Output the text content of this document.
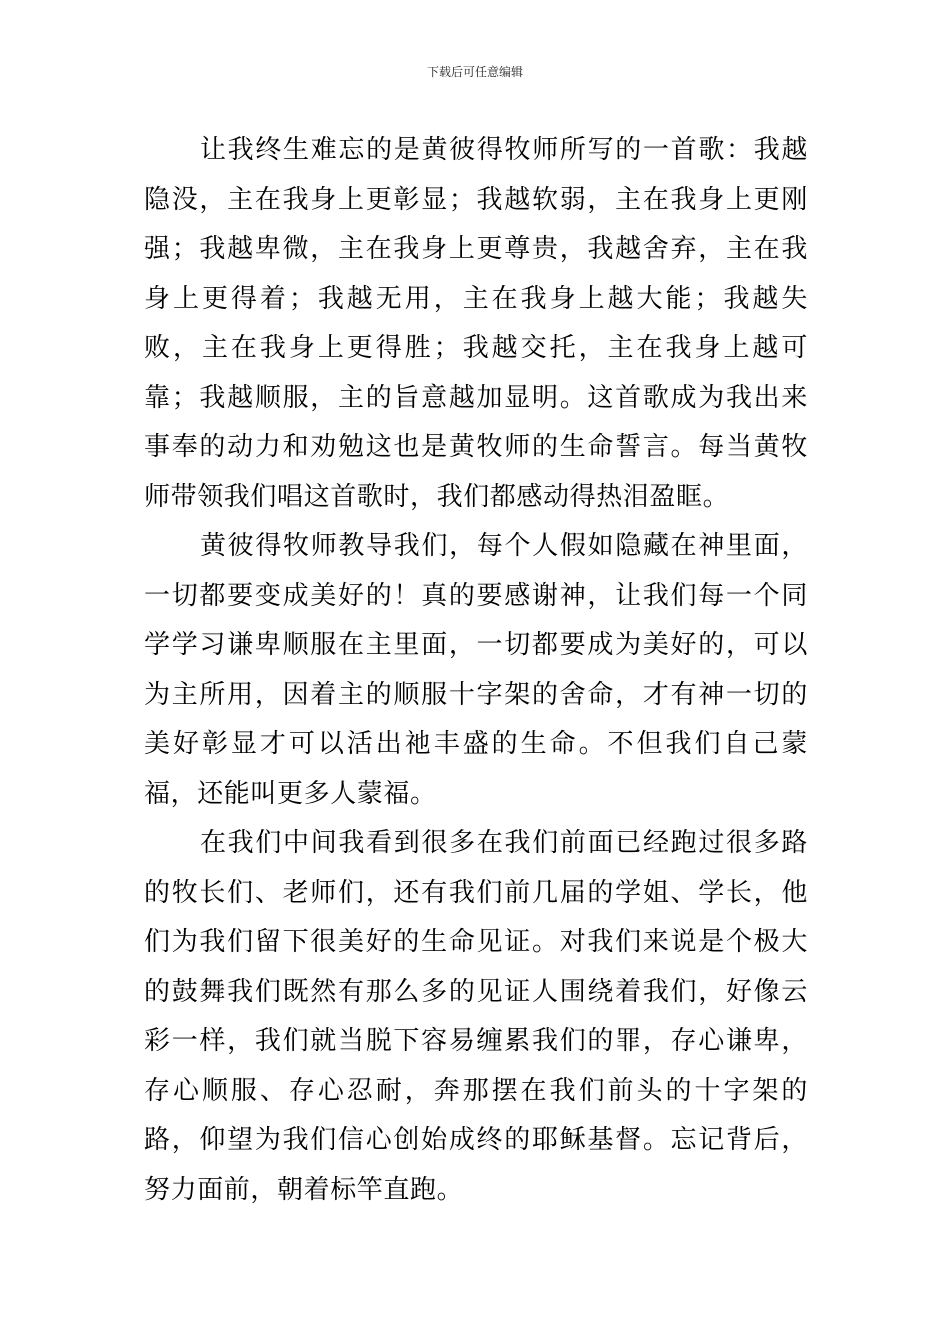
下载后可任意编辑

让我终生难忘的是黄彼得牧师所写的一首歌：我越隐没，主在我身上更彰显；我越软弱，主在我身上更刚强；我越卑微，主在我身上更尊贵，我越舍弃，主在我身上更得着；我越无用，主在我身上越大能；我越失败，主在我身上更得胜；我越交托，主在我身上越可靠；我越顺服，主的旨意越加显明。这首歌成为我出来事奉的动力和劝勉这也是黄牧师的生命誓言。每当黄牧师带领我们唱这首歌时，我们都感动得热泪盈眶。

黄彼得牧师教导我们，每个人假如隐藏在神里面，一切都要变成美好的！真的要感谢神，让我们每一个同学学习谦卑顺服在主里面，一切都要成为美好的，可以为主所用，因着主的顺服十字架的舍命，才有神一切的美好彰显才可以活出祂丰盛的生命。不但我们自己蒙福，还能叫更多人蒙福。

在我们中间我看到很多在我们前面已经跑过很多路的牧长们、老师们，还有我们前几届的学姐、学长，他们为我们留下很美好的生命见证。对我们来说是个极大的鼓舞我们既然有那么多的见证人围绕着我们，好像云彩一样，我们就当脱下容易缠累我们的罪，存心谦卑，存心顺服、存心忍耐，奔那摆在我们前头的十字架的路，仰望为我们信心创始成终的耶稣基督。忘记背后，努力面前，朝着标竿直跑。
